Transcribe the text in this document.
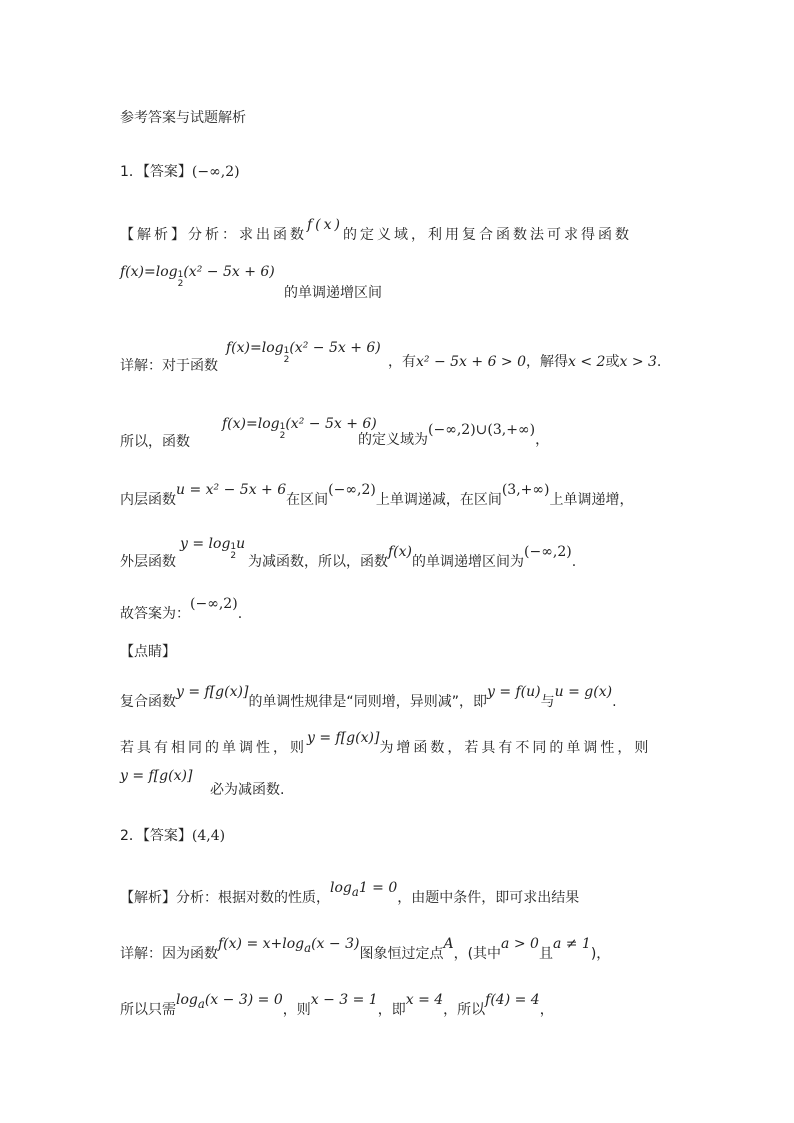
参考答案与试题解析
1．【答案】(−∞,2)
【解析】分析：求出函数f(x)的定义域，利用复合函数法可求得函数
f(x)=log 1
2
(x² − 5x + 6)
的单调递增区间
f(x)=log 1
2
(x² − 5x + 6)
详解：对于函数	，有x² − 5x + 6 > 0，解得x < 2或x > 3.
f(x)=log 1
2
(x² − 5x + 6)
所以，函数	的定义域为(−∞,2)∪(3,+∞)，
内层函数u = x² − 5x + 6在区间(−∞,2)上单调递减，在区间(3,+∞)上单调递增，
y = log 1
2
u
外层函数	为减函数，所以，函数f(x)的单调递增区间为(−∞,2).
故答案为：(−∞,2).
【点睛】
复合函数y = f[g(x)]的单调性规律是“同则增，异则减”，即y = f(u)与u = g(x).
若具有相同的单调性，则y = f[g(x)]为增函数，若具有不同的单调性，则
y = f[g(x)]
必为减函数.
2．【答案】(4,4)
【解析】分析：根据对数的性质，$\log_a1 = 0$，由题中条件，即可求出结果
详解：因为函数$f(x) = x+\log_a(x - 3)$图象恒过定点A，(其中a > 0且a ≠ 1)，
所以只需$\log_a(x - 3) = 0$，则x − 3 = 1，即x = 4，所以f(4) = 4，
